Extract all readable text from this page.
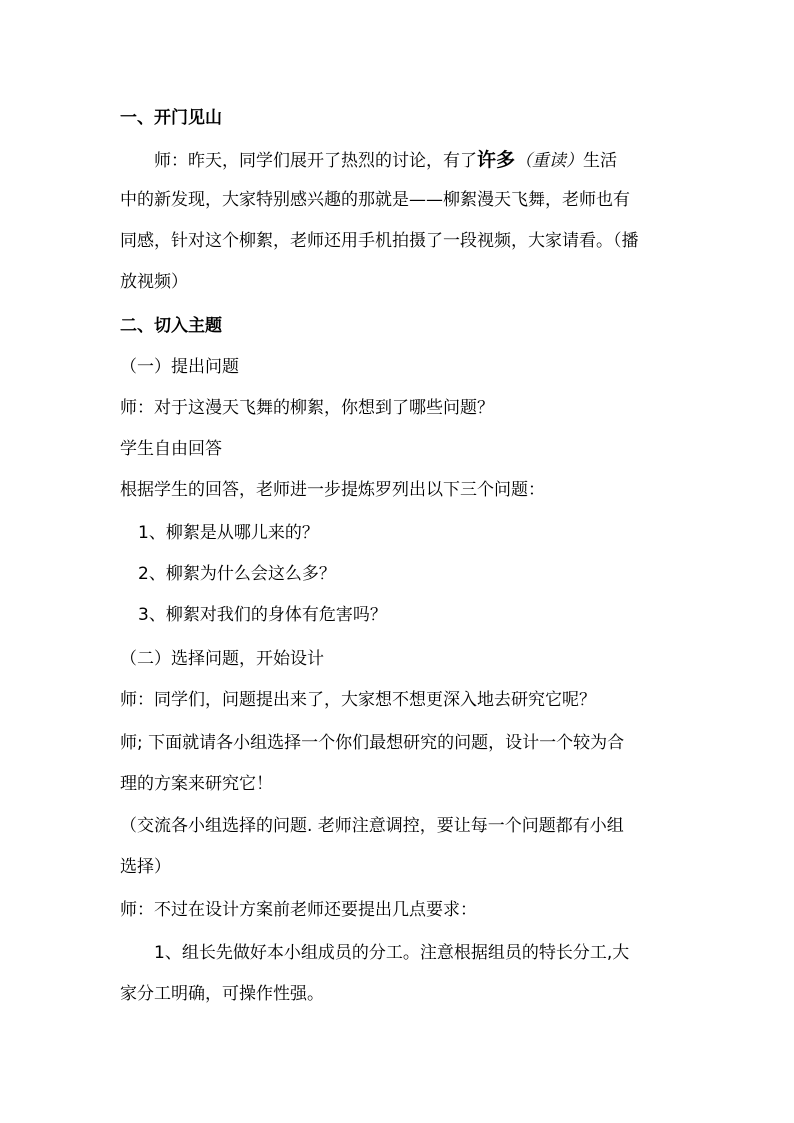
一、开门见山
师：昨天，同学们展开了热烈的讨论，有了许多（重读）生活
中的新发现，大家特别感兴趣的那就是——柳絮漫天飞舞，老师也有
同感，针对这个柳絮，老师还用手机拍摄了一段视频，大家请看。（播
放视频）
二、切入主题
（一）提出问题
师：对于这漫天飞舞的柳絮，你想到了哪些问题？
学生自由回答
根据学生的回答，老师进一步提炼罗列出以下三个问题：
1、柳絮是从哪儿来的？
2、柳絮为什么会这么多？
3、柳絮对我们的身体有危害吗？
（二）选择问题，开始设计
师：同学们，问题提出来了，大家想不想更深入地去研究它呢？
师; 下面就请各小组选择一个你们最想研究的问题，设计一个较为合
理的方案来研究它！
（交流各小组选择的问题. 老师注意调控，要让每一个问题都有小组
选择）
师：不过在设计方案前老师还要提出几点要求：
1、组长先做好本小组成员的分工。注意根据组员的特长分工,大
家分工明确，可操作性强。
